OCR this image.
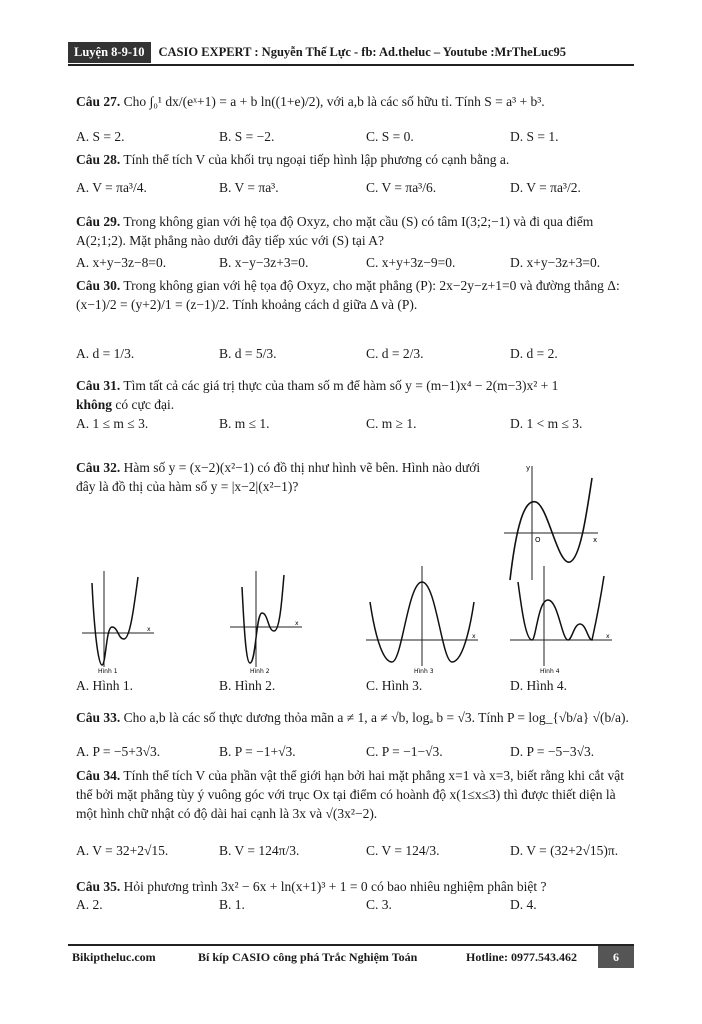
Luyện 8-9-10	CASIO EXPERT : Nguyễn Thế Lực - fb: Ad.theluc – Youtube :MrTheLuc95
Câu 27. Cho ∫₀¹ dx/(eˣ+1) = a + b ln((1+e)/2), với a,b là các số hữu tỉ. Tính S = a³ + b³.
A. S = 2.	B. S = −2.	C. S = 0.	D. S = 1.
Câu 28. Tính thể tích V của khối trụ ngoại tiếp hình lập phương có cạnh bằng a.
A. V = πa³/4.	B. V = πa³.	C. V = πa³/6.	D. V = πa³/2.
Câu 29. Trong không gian với hệ tọa độ Oxyz, cho mặt cầu (S) có tâm I(3;2;−1) và đi qua điểm A(2;1;2). Mặt phẳng nào dưới đây tiếp xúc với (S) tại A?
A. x+y−3z−8=0.	B. x−y−3z+3=0.	C. x+y+3z−9=0.	D. x+y−3z+3=0.
Câu 30. Trong không gian với hệ tọa độ Oxyz, cho mặt phẳng (P): 2x−2y−z+1=0 và đường thẳng Δ: (x−1)/2 = (y+2)/1 = (z−1)/2. Tính khoảng cách d giữa Δ và (P).
A. d = 1/3.	B. d = 5/3.	C. d = 2/3.	D. d = 2.
Câu 31. Tìm tất cả các giá trị thực của tham số m để hàm số y = (m−1)x⁴ − 2(m−3)x² + 1
không có cực đại.
A. 1 ≤ m ≤ 3.	B. m ≤ 1.	C. m ≥ 1.	D. 1 < m ≤ 3.
Câu 32. Hàm số y = (x−2)(x²−1) có đồ thị như hình vẽ bên. Hình nào dưới đây là đồ thị của hàm số y = |x−2|(x²−1)?
y
x
O
x
Hình 1
x
Hình 2
x
Hình 3
x
Hình 4
A. Hình 1.	B. Hình 2.	C. Hình 3.	D. Hình 4.
Câu 33. Cho a,b là các số thực dương thỏa mãn a ≠ 1, a ≠ √b, logₐ b = √3. Tính P = log_{√b/a} √(b/a).
A. P = −5+3√3.	B. P = −1+√3.	C. P = −1−√3.	D. P = −5−3√3.
Câu 34. Tính thể tích V của phần vật thể giới hạn bởi hai mặt phẳng x=1 và x=3, biết rằng khi cắt vật thể bởi mặt phẳng tùy ý vuông góc với trục Ox tại điểm có hoành độ x(1≤x≤3) thì được thiết diện là một hình chữ nhật có độ dài hai cạnh là 3x và √(3x²−2).
A. V = 32+2√15.	B. V = 124π/3.	C. V = 124/3.	D. V = (32+2√15)π.
Câu 35. Hỏi phương trình 3x² − 6x + ln(x+1)³ + 1 = 0 có bao nhiêu nghiệm phân biệt ?
A. 2.	B. 1.	C. 3.	D. 4.
Bikiptheluc.com	Bí kíp CASIO công phá Trắc Nghiệm Toán	Hotline: 0977.543.462	6
